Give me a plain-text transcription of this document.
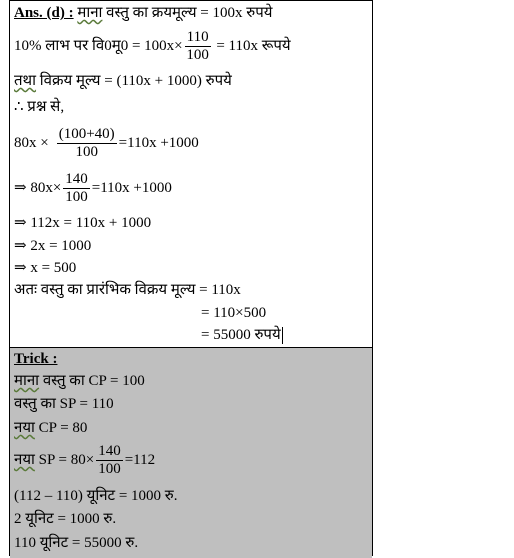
Ans. (d) : माना वस्तु का क्रयमूल्य = 100x रुपये
10% लाभ पर वि0मू0 = $100x\times \frac{110}{100} = 110x$ रूपये
तथा विक्रय मूल्य = (110x + 1000) रुपये
∴ प्रश्न से,
$80x \times \frac{(100+40)}{100} =110x +1000$
⇒ $80x\times \frac{140}{100} =110x +1000$
⇒ 112x = 110x + 1000
⇒ 2x = 1000
⇒ x = 500
अतः वस्तु का प्रारंभिक विक्रय मूल्य = 110x
= 110×500
= 55000 रुपये
Trick :
माना वस्तु का CP = 100
वस्तु का SP = 110
नया CP = 80
नया SP = $80\times \frac{140}{100} =112$
(112 – 110) यूनिट = 1000 रु.
2 यूनिट = 1000 रु.
110 यूनिट = 55000 रु.
